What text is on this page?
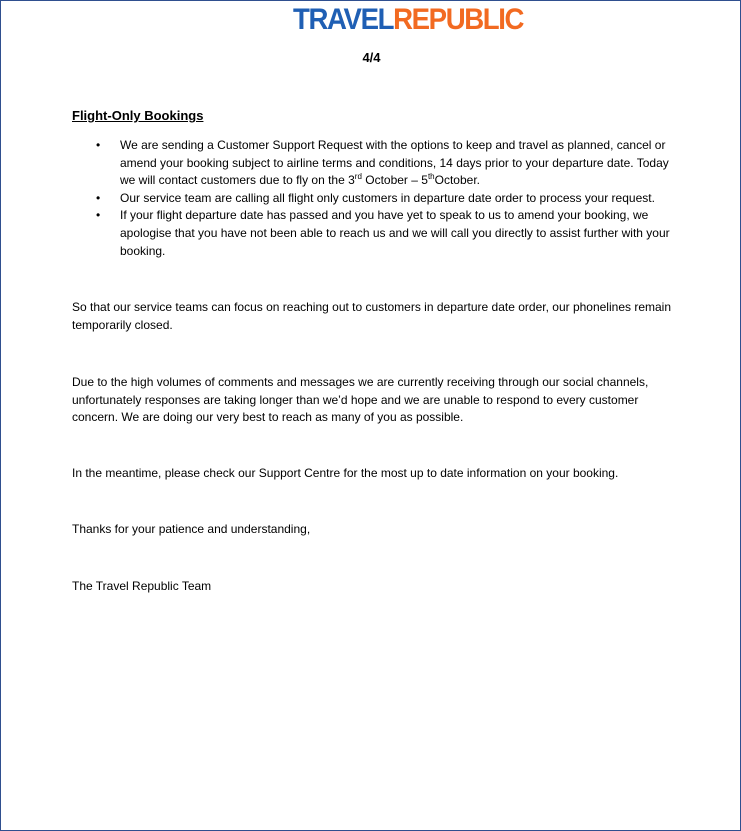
TRAVELREPUBLIC
4/4
Flight-Only Bookings
• We are sending a Customer Support Request with the options to keep and travel as planned, cancel or amend your booking subject to airline terms and conditions, 14 days prior to your departure date. Today we will contact customers due to fly on the 3rd October – 5thOctober.
• Our service team are calling all flight only customers in departure date order to process your request.
• If your flight departure date has passed and you have yet to speak to us to amend your booking, we apologise that you have not been able to reach us and we will call you directly to assist further with your booking.

So that our service teams can focus on reaching out to customers in departure date order, our phonelines remain temporarily closed.

Due to the high volumes of comments and messages we are currently receiving through our social channels, unfortunately responses are taking longer than we’d hope and we are unable to respond to every customer concern. We are doing our very best to reach as many of you as possible.

In the meantime, please check our Support Centre for the most up to date information on your booking.

Thanks for your patience and understanding,

The Travel Republic Team
